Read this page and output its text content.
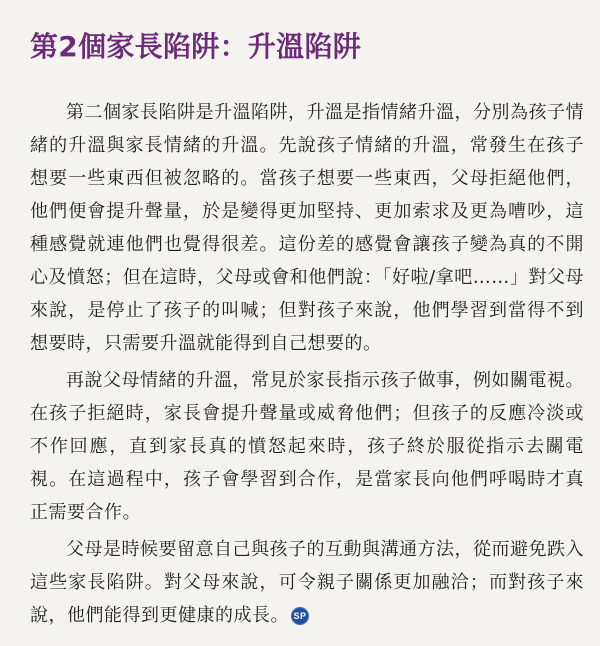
第2個家長陷阱：升溫陷阱

第二個家長陷阱是升溫陷阱，升溫是指情緒升溫，分別為孩子情緒的升溫與家長情緒的升溫。先說孩子情緒的升溫，常發生在孩子想要一些東西但被忽略的。當孩子想要一些東西，父母拒絕他們，他們便會提升聲量，於是變得更加堅持、更加索求及更為嘈吵，這種感覺就連他們也覺得很差。這份差的感覺會讓孩子變為真的不開心及憤怒；但在這時，父母或會和他們說：「好啦/拿吧……」對父母來說，是停止了孩子的叫喊；但對孩子來說，他們學習到當得不到想要時，只需要升溫就能得到自己想要的。

再說父母情緒的升溫，常見於家長指示孩子做事，例如關電視。在孩子拒絕時，家長會提升聲量或威脅他們；但孩子的反應冷淡或不作回應，直到家長真的憤怒起來時，孩子終於服從指示去關電視。在這過程中，孩子會學習到合作，是當家長向他們呼喝時才真正需要合作。

父母是時候要留意自己與孩子的互動與溝通方法，從而避免跌入這些家長陷阱。對父母來說，可令親子關係更加融洽；而對孩子來說，他們能得到更健康的成長。 SP
